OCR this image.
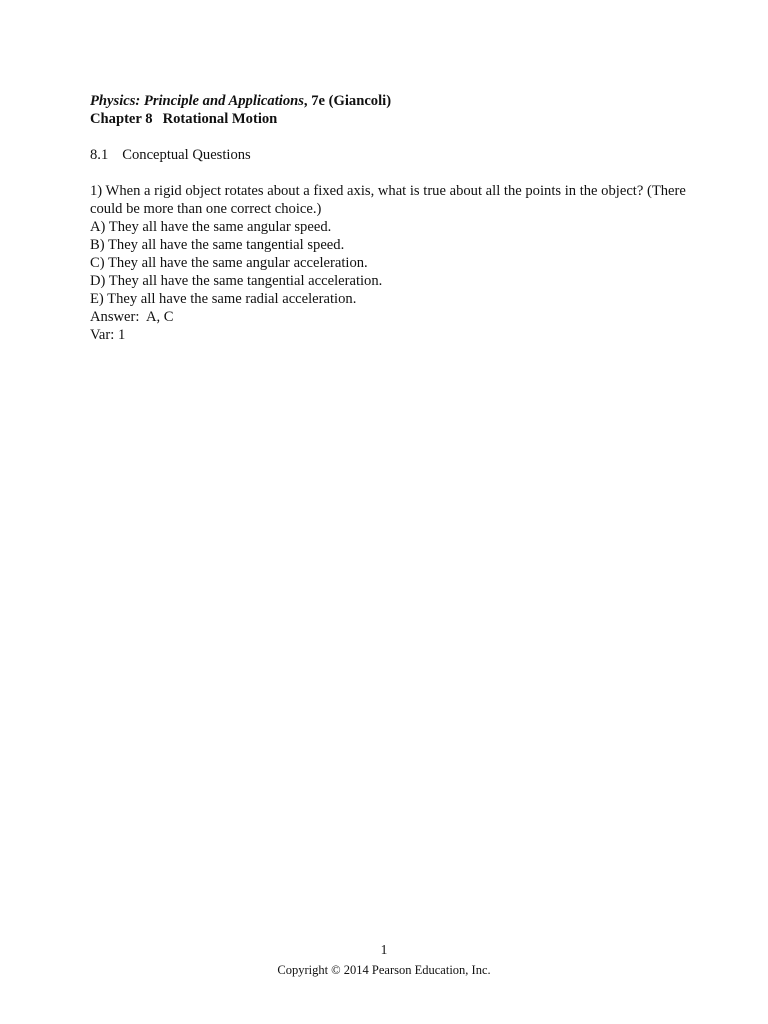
Physics: Principle and Applications, 7e (Giancoli)

Chapter 8 Rotational Motion

8.1 Conceptual Questions
1) When a rigid object rotates about a fixed axis, what is true about all the points in the object? (There could be more than one correct choice.)
A) They all have the same angular speed.
B) They all have the same tangential speed.
C) They all have the same angular acceleration.
D) They all have the same tangential acceleration.
E) They all have the same radial acceleration.
Answer: A, C
Var: 1
1
Copyright © 2014 Pearson Education, Inc.
